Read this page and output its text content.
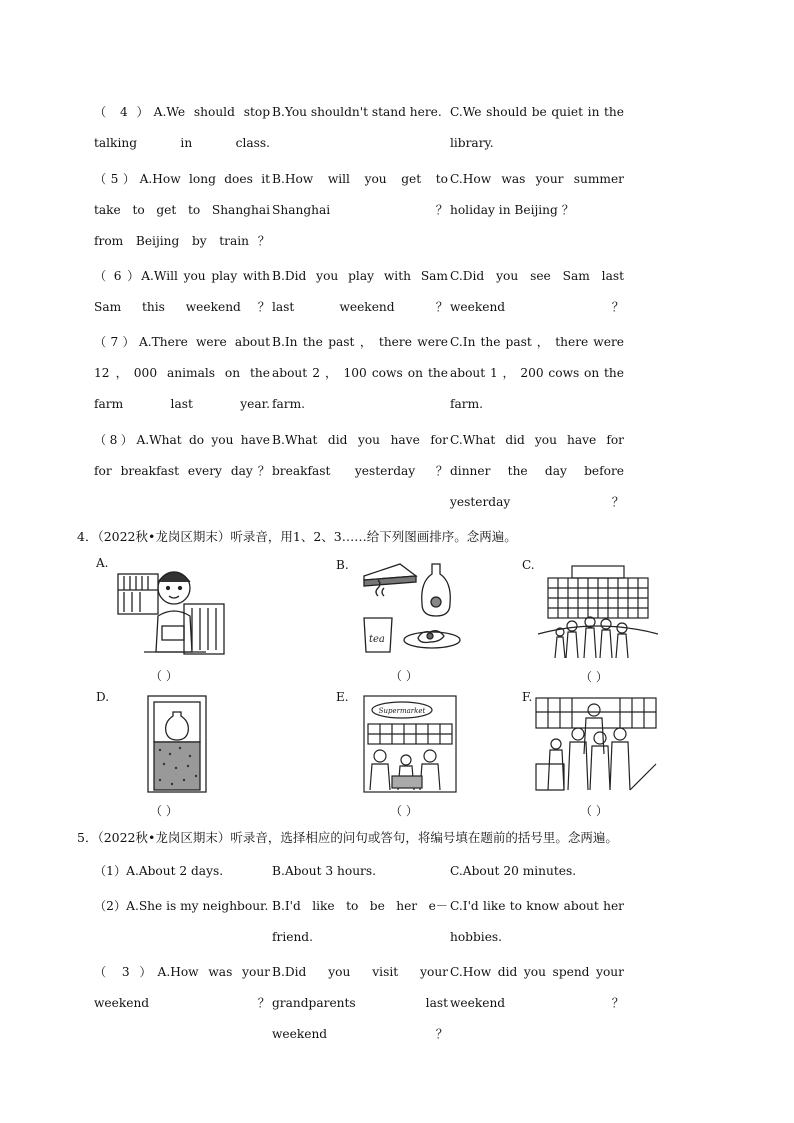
（ 4 ）A.We should stop talking in class.
B.You shouldn't stand here. C.We should be quiet in the library.
（5）A.How long does it take to get to Shanghai from Beijing by train？
B.How will you get to Shanghai？
C.How was your summer holiday in Beijing ？
（ 6 ）A.Will you play with Sam this weekend？
B.Did you play with Sam last weekend？
C.Did you see Sam last weekend？
（7）A.There were about 12，000 animals on the farm last year.
B.In the past ， there were about 2 ， 100 cows on the farm.
C.In the past ， there were about 1 ， 200 cows on the farm.
（8）A.What do you have for breakfast every day？
B.What did you have for breakfast yesterday？
C.What did you have for dinner the day before yesterday？
4．（2022秋•龙岗区期末）听录音，用1、2、3……给下列图画排序。念两遍。
A.
（ ）
B.
tea
（ ）
C.
（ ）
D.
（ ）
E.
Supermarket
（ ）
F.
（ ）
5．（2022秋•龙岗区期末）听录音，选择相应的问句或答句，将编号填在题前的括号里。念两遍。
（1）A.About 2 days.	B.About 3 hours.	C.About 20 minutes.
（2）A.She is my neighbour. B.I'd like to be her e－friend.
C.I'd like to know about her hobbies.
（ 3 ）A.How was your weekend？
B.Did you visit your grandparents last weekend？
C.How did you spend your weekend？
